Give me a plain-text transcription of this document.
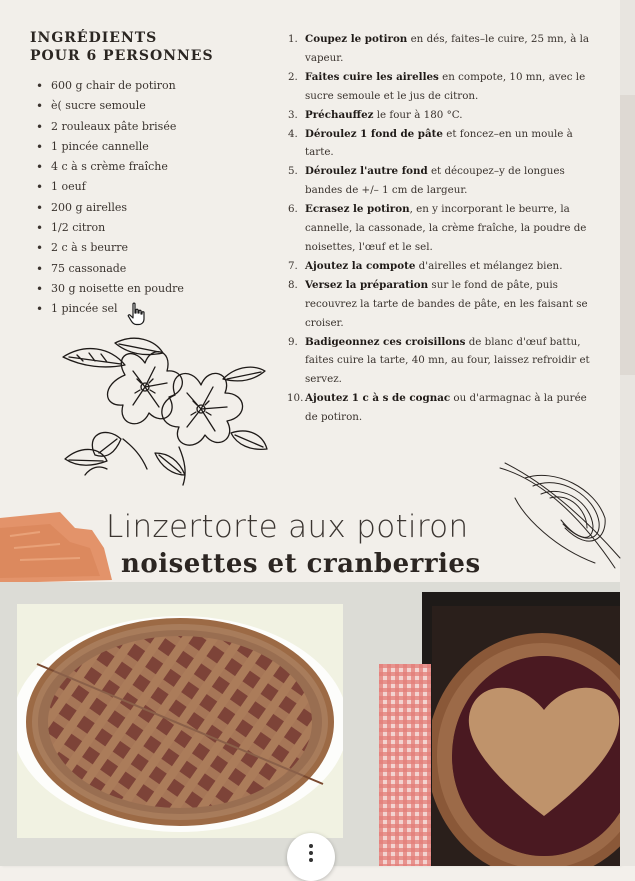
INGRÉDIENTS
POUR 6 PERSONNES
• 600 g chair de potiron
• è( sucre semoule
• 2 rouleaux pâte brisée
• 1 pincée cannelle
• 4 c à s crème fraîche
• 1 oeuf
• 200 g airelles
• 1/2 citron
• 2 c à s beurre
• 75 cassonade
• 30 g noisette en poudre
• 1 pincée sel
1. Coupez le potiron en dés, faites–le cuire, 25 mn, à la vapeur.
2. Faites cuire les airelles en compote, 10 mn, avec le sucre semoule et le jus de citron.
3. Préchauffez le four à 180 °C.
4. Déroulez 1 fond de pâte et foncez–en un moule à tarte.
5. Déroulez l'autre fond et découpez–y de longues bandes de +/– 1 cm de largeur.
6. Ecrasez le potiron, en y incorporant le beurre, la cannelle, la cassonade, la crème fraîche, la poudre de noisettes, l'œuf et le sel.
7. Ajoutez la compote d'airelles et mélangez bien.
8. Versez la préparation sur le fond de pâte, puis recouvrez la tarte de bandes de pâte, en les faisant se croiser.
9. Badigeonnez ces croisillons de blanc d'œuf battu, faites cuire la tarte, 40 mn, au four, laissez refroidir et servez.
10. Ajoutez 1 c à s de cognac ou d'armagnac à la purée de potiron.
Linzertorte aux potiron
noisettes et cranberries
